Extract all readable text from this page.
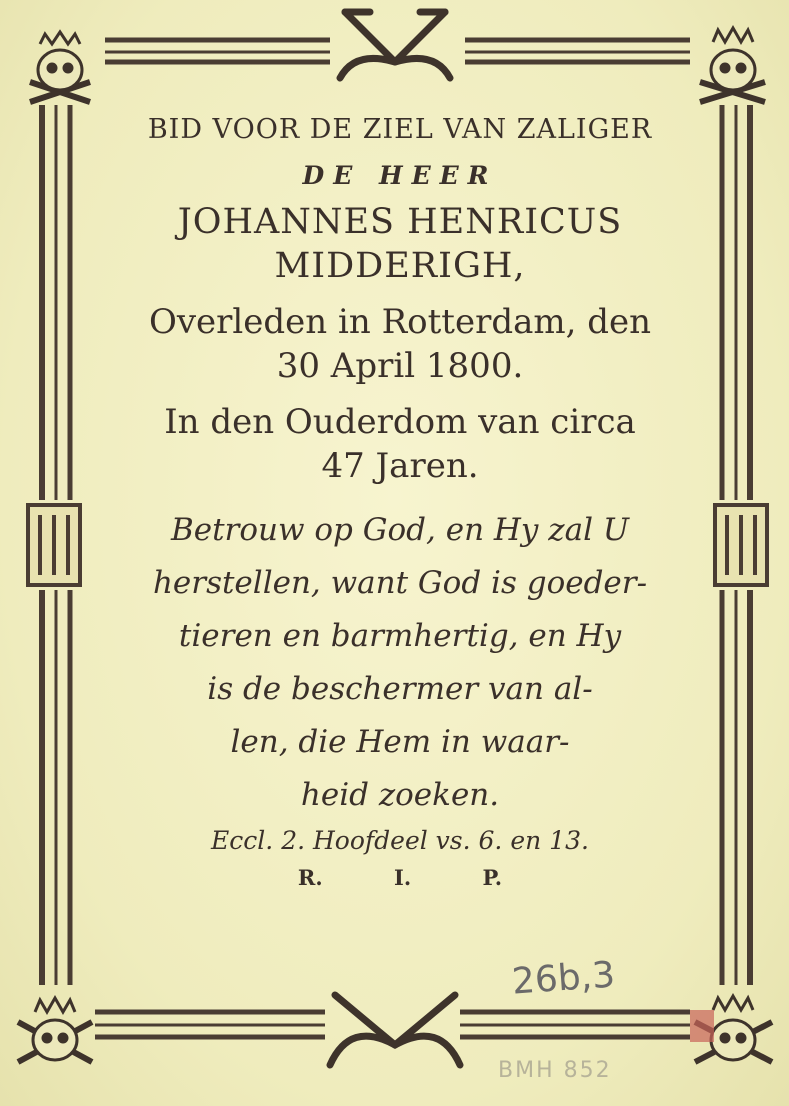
BID VOOR DE ZIEL VAN ZALIGER
DE HEER
JOHANNES HENRICUS
MIDDERIGH,
Overleden in Rotterdam, den
30 April 1800.
In den Ouderdom van circa
47 Jaren.
Betrouw op God, en Hy zal U
herstellen, want God is goeder-
tieren en barmhertig, en Hy
is de beschermer van al-
len, die Hem in waar-
heid zoeken.
Eccl. 2. Hoofdeel vs. 6. en 13.
R. I. P.
26b,3
BMH 852
